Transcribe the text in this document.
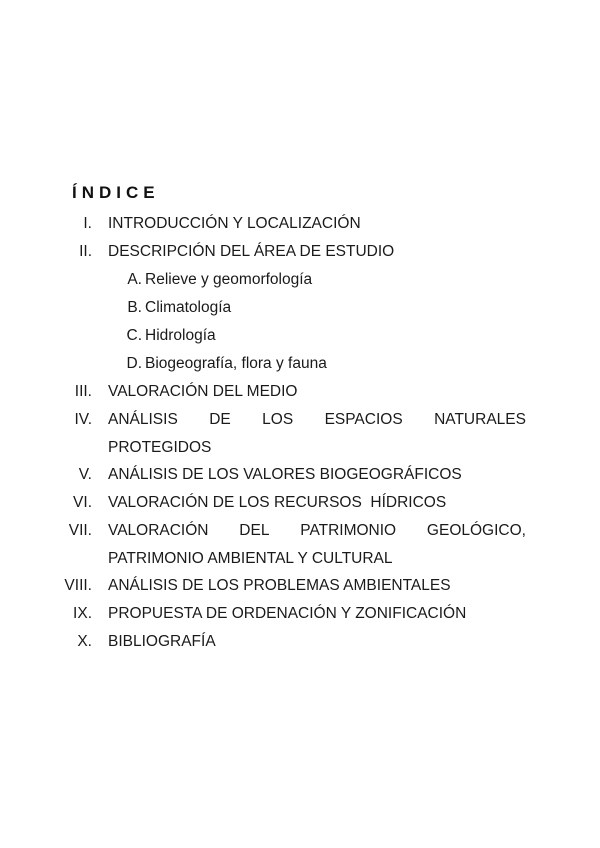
ÍNDICE
I. INTRODUCCIÓN Y LOCALIZACIÓN
II. DESCRIPCIÓN DEL ÁREA DE ESTUDIO
A. Relieve y geomorfología
B. Climatología
C. Hidrología
D. Biogeografía, flora y fauna
III. VALORACIÓN DEL MEDIO
IV. ANÁLISIS DE LOS ESPACIOS NATURALES
PROTEGIDOS
V. ANÁLISIS DE LOS VALORES BIOGEOGRÁFICOS
VI. VALORACIÓN DE LOS RECURSOS  HÍDRICOS
VII. VALORACIÓN DEL PATRIMONIO GEOLÓGICO,
PATRIMONIO AMBIENTAL Y CULTURAL
VIII. ANÁLISIS DE LOS PROBLEMAS AMBIENTALES
IX. PROPUESTA DE ORDENACIÓN Y ZONIFICACIÓN
X. BIBLIOGRAFÍA
